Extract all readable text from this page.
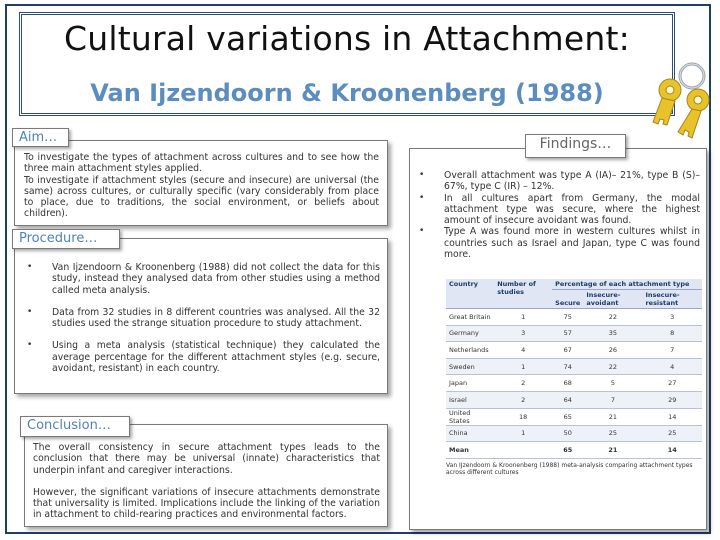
Cultural variations in Attachment:
Van Ijzendoorn & Kroonenberg (1988)
Aim…
To investigate the types of attachment across cultures and to see how the three main attachment styles applied.
To investigate if attachment styles (secure and insecure) are universal (the same) across cultures, or culturally specific (vary considerably from place to place, due to traditions, the social environment, or beliefs about children).
Procedure…
• Van Ijzendoorn & Kroonenberg (1988) did not collect the data for this study, instead they analysed data from other studies using a method called meta analysis.
• Data from 32 studies in 8 different countries was analysed. All the 32 studies used the strange situation procedure to study attachment.
• Using a meta analysis (statistical technique) they calculated the average percentage for the different attachment styles (e.g. secure, avoidant, resistant) in each country.
Conclusion…
The overall consistency in secure attachment types leads to the conclusion that there may be universal (innate) characteristics that underpin infant and caregiver interactions.
However, the significant variations of insecure attachments demonstrate that universality is limited. Implications include the linking of the variation in attachment to child-rearing practices and environmental factors.
Findings…
• Overall attachment was type A (IA)– 21%, type B (S)– 67%, type C (IR) – 12%.
• In all cultures apart from Germany, the modal attachment type was secure, where the highest amount of insecure avoidant was found.
• Type A was found more in western cultures whilst in countries such as Israel and Japan, type C was found more.
Country	Number of studies	Percentage of each attachment type		
		Secure	Insecure-avoidant	Insecure-resistant
Great Britain	1	75	22	3
Germany	3	57	35	8
Netherlands	4	67	26	7
Sweden	1	74	22	4
Japan	2	68	5	27
Israel	2	64	7	29
United States	18	65	21	14
China	1	50	25	25
Mean		65	21	14
Van IJzendoorn & Kroonenberg (1988) meta-analysis comparing attachment types across different cultures
